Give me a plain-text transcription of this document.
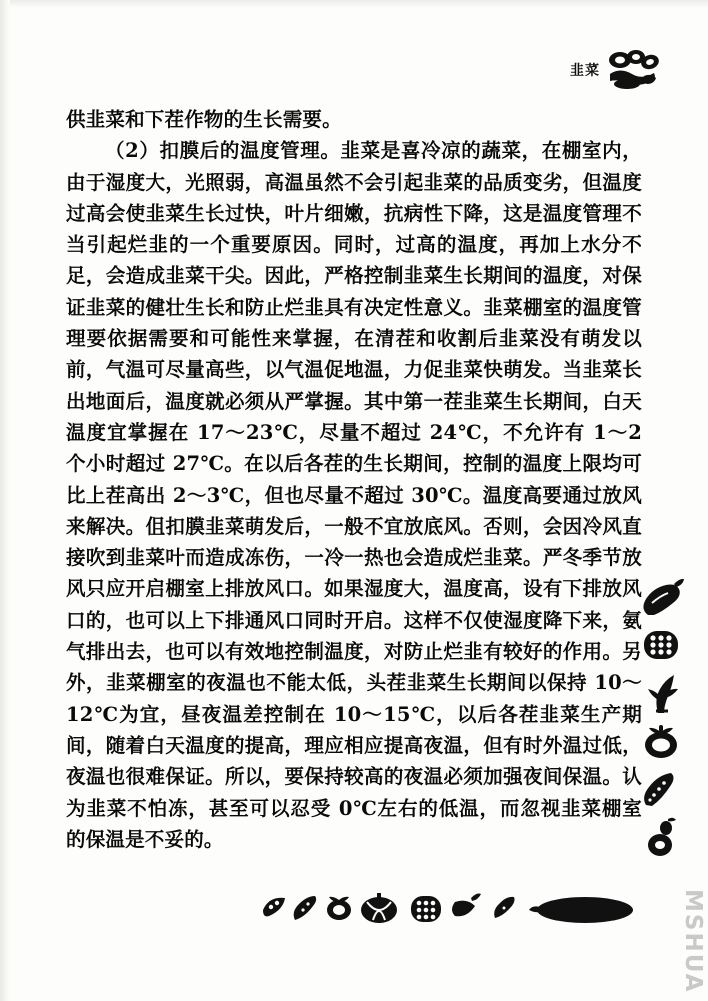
韭菜

供韭菜和下茬作物的生长需要。

（2）扣膜后的温度管理。韭菜是喜冷凉的蔬菜，在棚室内，由于湿度大，光照弱，高温虽然不会引起韭菜的品质变劣，但温度过高会使韭菜生长过快，叶片细嫩，抗病性下降，这是温度管理不当引起烂韭的一个重要原因。同时，过高的温度，再加上水分不足，会造成韭菜干尖。因此，严格控制韭菜生长期间的温度，对保证韭菜的健壮生长和防止烂韭具有决定性意义。韭菜棚室的温度管理要依据需要和可能性来掌握，在清茬和收割后韭菜没有萌发以前，气温可尽量高些，以气温促地温，力促韭菜快萌发。当韭菜长出地面后，温度就必须从严掌握。其中第一茬韭菜生长期间，白天温度宜掌握在 17～23℃，尽量不超过 24℃，不允许有 1～2 个小时超过 27℃。在以后各茬的生长期间，控制的温度上限均可比上茬高出 2～3℃，但也尽量不超过 30℃。温度高要通过放风来解决。伹扣膜韭菜萌发后，一般不宜放底风。否则，会因冷风直接吹到韭菜叶而造成冻伤，一冷一热也会造成烂韭菜。严冬季节放风只应开启棚室上排放风口。如果湿度大，温度高，设有下排放风口的，也可以上下排通风口同时开启。这样不仅使湿度降下来，氨气排出去，也可以有效地控制温度，对防止烂韭有较好的作用。另外，韭菜棚室的夜温也不能太低，头茬韭菜生长期间以保持 10～12℃为宜，昼夜温差控制在 10～15℃，以后各茬韭菜生产期间，随着白天温度的提高，理应相应提高夜温，但有时外温过低，夜温也很难保证。所以，要保持较高的夜温必须加强夜间保温。认为韭菜不怕冻，甚至可以忍受 0℃左右的低温，而忽视韭菜棚室的保温是不妥的。

MSHUA
